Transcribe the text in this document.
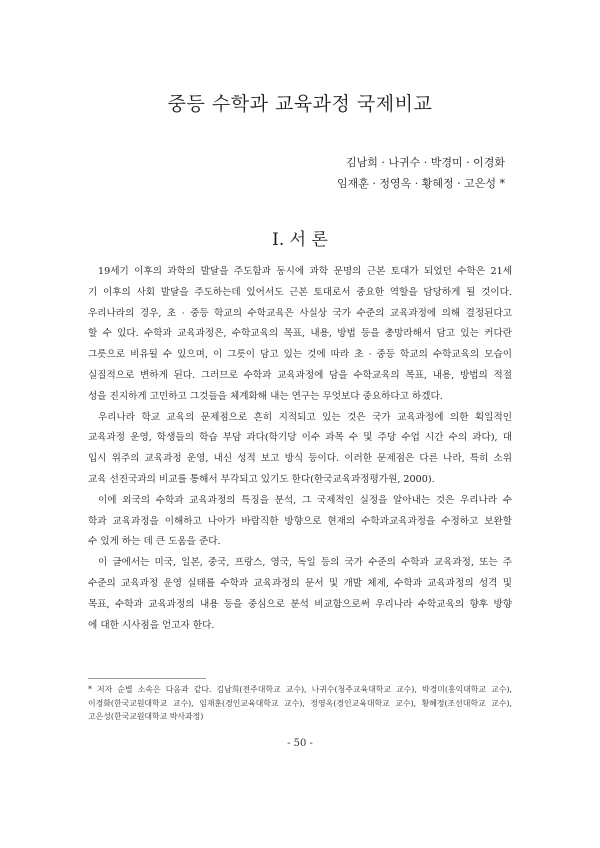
중등 수학과 교육과정 국제비교
김남희 · 나귀수 · 박경미 · 이경화
임재훈 · 정영옥 · 황혜정 · 고은성 *
I. 서 론
19세기 이후의 과학의 발달을 주도함과 동시에 과학 문명의 근본 토대가 되었던 수학은 21세
기 이후의 사회 발달을 주도하는데 있어서도 근본 토대로서 중요한 역할을 담당하게 될 것이다.
우리나라의 경우, 초 · 중등 학교의 수학교육은 사실상 국가 수준의 교육과정에 의해 결정된다고
할 수 있다. 수학과 교육과정은, 수학교육의 목표, 내용, 방법 등을 총망라해서 담고 있는 커다란
그릇으로 비유될 수 있으며, 이 그릇이 담고 있는 것에 따라 초 · 중등 학교의 수학교육의 모습이
실질적으로 변하게 된다. 그러므로 수학과 교육과정에 담을 수학교육의 목표, 내용, 방법의 적절
성을 진지하게 고민하고 그것들을 체계화해 내는 연구는 무엇보다 중요하다고 하겠다.
우리나라 학교 교육의 문제점으로 흔히 지적되고 있는 것은 국가 교육과정에 의한 획일적인
교육과정 운영, 학생들의 학습 부담 과다(학기당 이수 과목 수 및 주당 수업 시간 수의 과다), 대
입시 위주의 교육과정 운영, 내신 성적 보고 방식 등이다. 이러한 문제점은 다른 나라, 특히 소위
교육 선진국과의 비교를 통해서 부각되고 있기도 한다(한국교육과정평가원, 2000).
이에 외국의 수학과 교육과정의 특징을 분석, 그 국제적인 실정을 알아내는 것은 우리나라 수
학과 교육과정을 이해하고 나아가 바람직한 방향으로 현재의 수학과교육과정을 수정하고 보완할
수 있게 하는 데 큰 도움을 준다.
이 글에서는 미국, 일본, 중국, 프랑스, 영국, 독일 등의 국가 수준의 수학과 교육과정, 또는 주
수준의 교육과정 운영 실태를 수학과 교육과정의 문서 및 개발 체제, 수학과 교육과정의 성격 및
목표, 수학과 교육과정의 내용 등을 중심으로 분석 비교함으로써 우리나라 수학교육의 향후 방향
에 대한 시사점을 얻고자 한다.
* 저자 순별 소속은 다음과 같다. 김남희(전주대학교 교수), 나귀수(청주교육대학교 교수), 박경미(홍익대학교 교수),
이경화(한국교원대학교 교수), 임재훈(경인교육대학교 교수), 정영옥(경인교육대학교 교수), 황혜정(조선대학교 교수),
고은성(한국교원대학교 박사과정)
- 50 -
